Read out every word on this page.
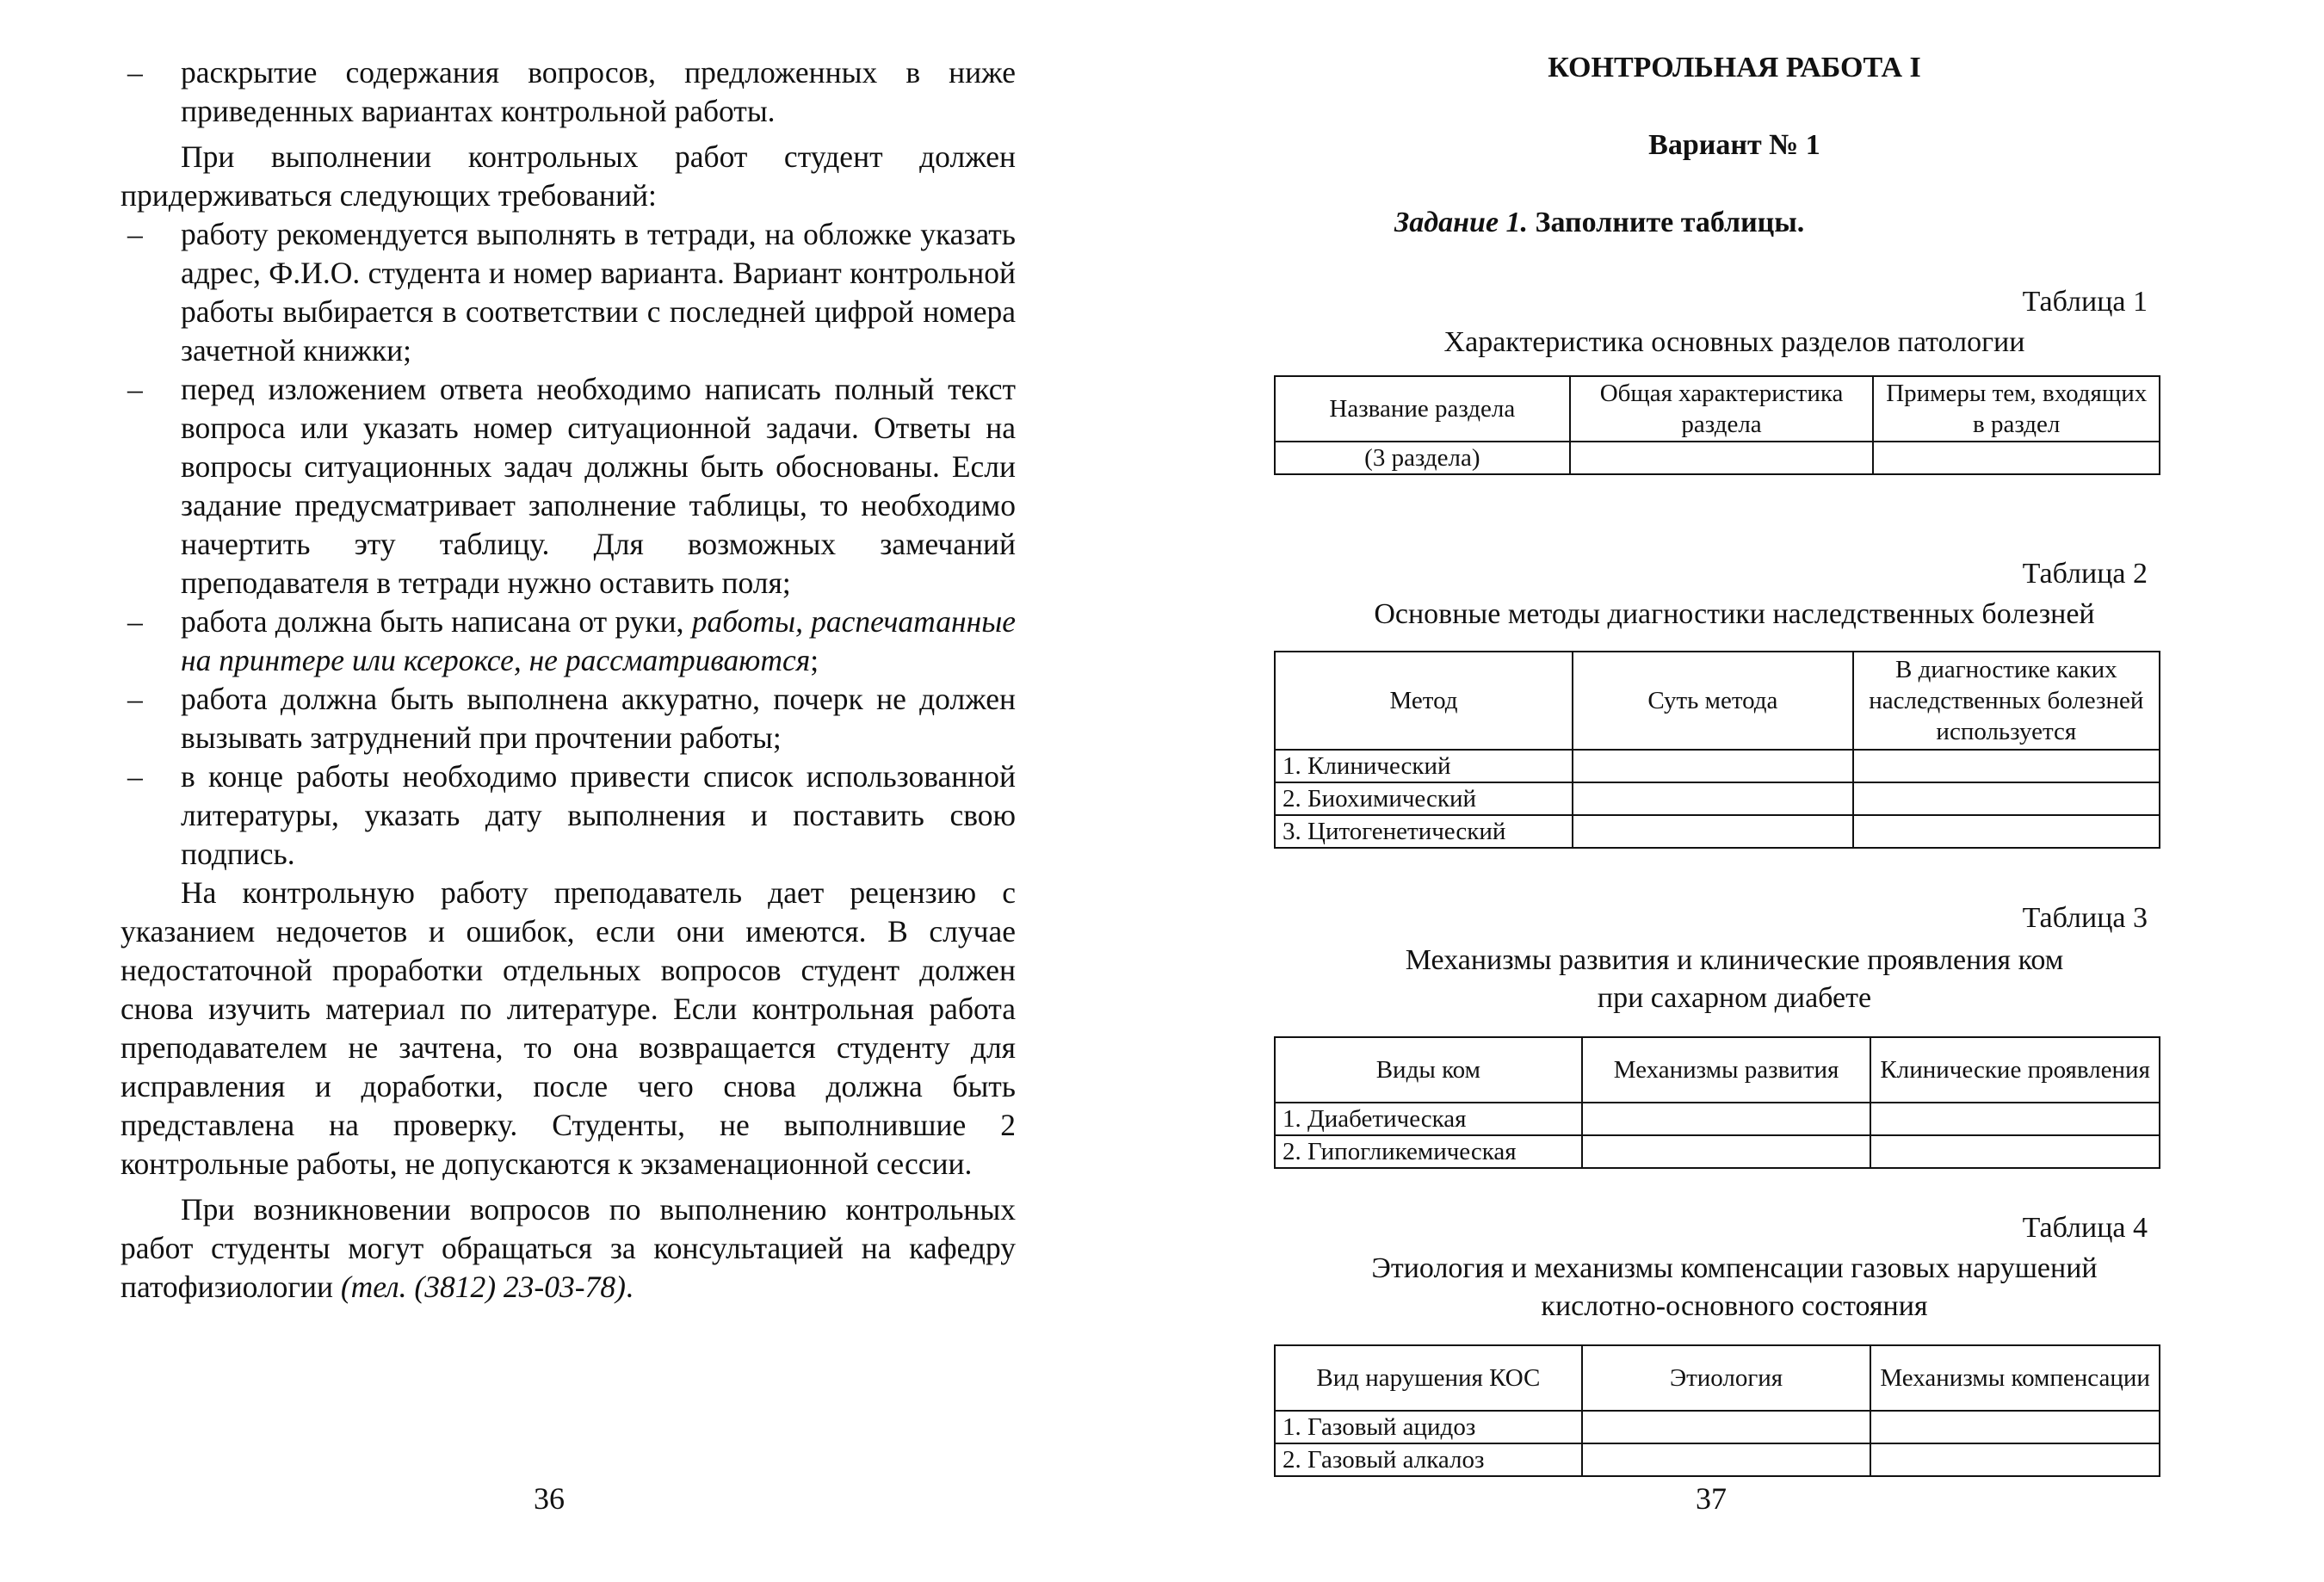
– раскрытие содержания вопросов, предложенных в ниже приведенных вариантах контрольной работы.

При выполнении контрольных работ студент должен придерживаться следующих требований:

– работу рекомендуется выполнять в тетради, на обложке указать адрес, Ф.И.О. студента и номер варианта. Вариант контрольной работы выбирается в соответствии с последней цифрой номера зачетной книжки;

– перед изложением ответа необходимо написать полный текст вопроса или указать номер ситуационной задачи. Ответы на вопросы ситуационных задач должны быть обоснованы. Если задание предусматривает заполнение таблицы, то необходимо начертить эту таблицу. Для возможных замечаний преподавателя в тетради нужно оставить поля;

– работа должна быть написана от руки, работы, распечатанные на принтере или ксероксе, не рассматриваются;

– работа должна быть выполнена аккуратно, почерк не должен вызывать затруднений при прочтении работы;

– в конце работы необходимо привести список использованной литературы, указать дату выполнения и поставить свою подпись.

На контрольную работу преподаватель дает рецензию с указанием недочетов и ошибок, если они имеются. В случае недостаточной проработки отдельных вопросов студент должен снова изучить материал по литературе. Если контрольная работа преподавателем не зачтена, то она возвращается студенту для исправления и доработки, после чего снова должна быть представлена на проверку. Студенты, не выполнившие 2 контрольные работы, не допускаются к экзаменационной сессии.

При возникновении вопросов по выполнению контрольных работ студенты могут обращаться за консультацией на кафедру патофизиологии (тел. (3812) 23-03-78).

36
КОНТРОЛЬНАЯ РАБОТА I
Вариант № 1
Задание 1. Заполните таблицы.
Таблица 1
Характеристика основных разделов патологии
Название раздела	Общая характеристика раздела	Примеры тем, входящих в раздел
(3 раздела)		
Таблица 2
Основные методы диагностики наследственных болезней
Метод	Суть метода	В диагностике каких наследственных болезней используется
1. Клинический		
2. Биохимический		
3. Цитогенетический		
Таблица 3
Механизмы развития и клинические проявления ком
при сахарном диабете
Виды ком	Механизмы развития	Клинические проявления
1. Диабетическая		
2. Гипогликемическая		
Таблица 4
Этиология и механизмы компенсации газовых нарушений
кислотно-основного состояния
Вид нарушения КОС	Этиология	Механизмы компенсации
1. Газовый ацидоз		
2. Газовый алкалоз		
37
